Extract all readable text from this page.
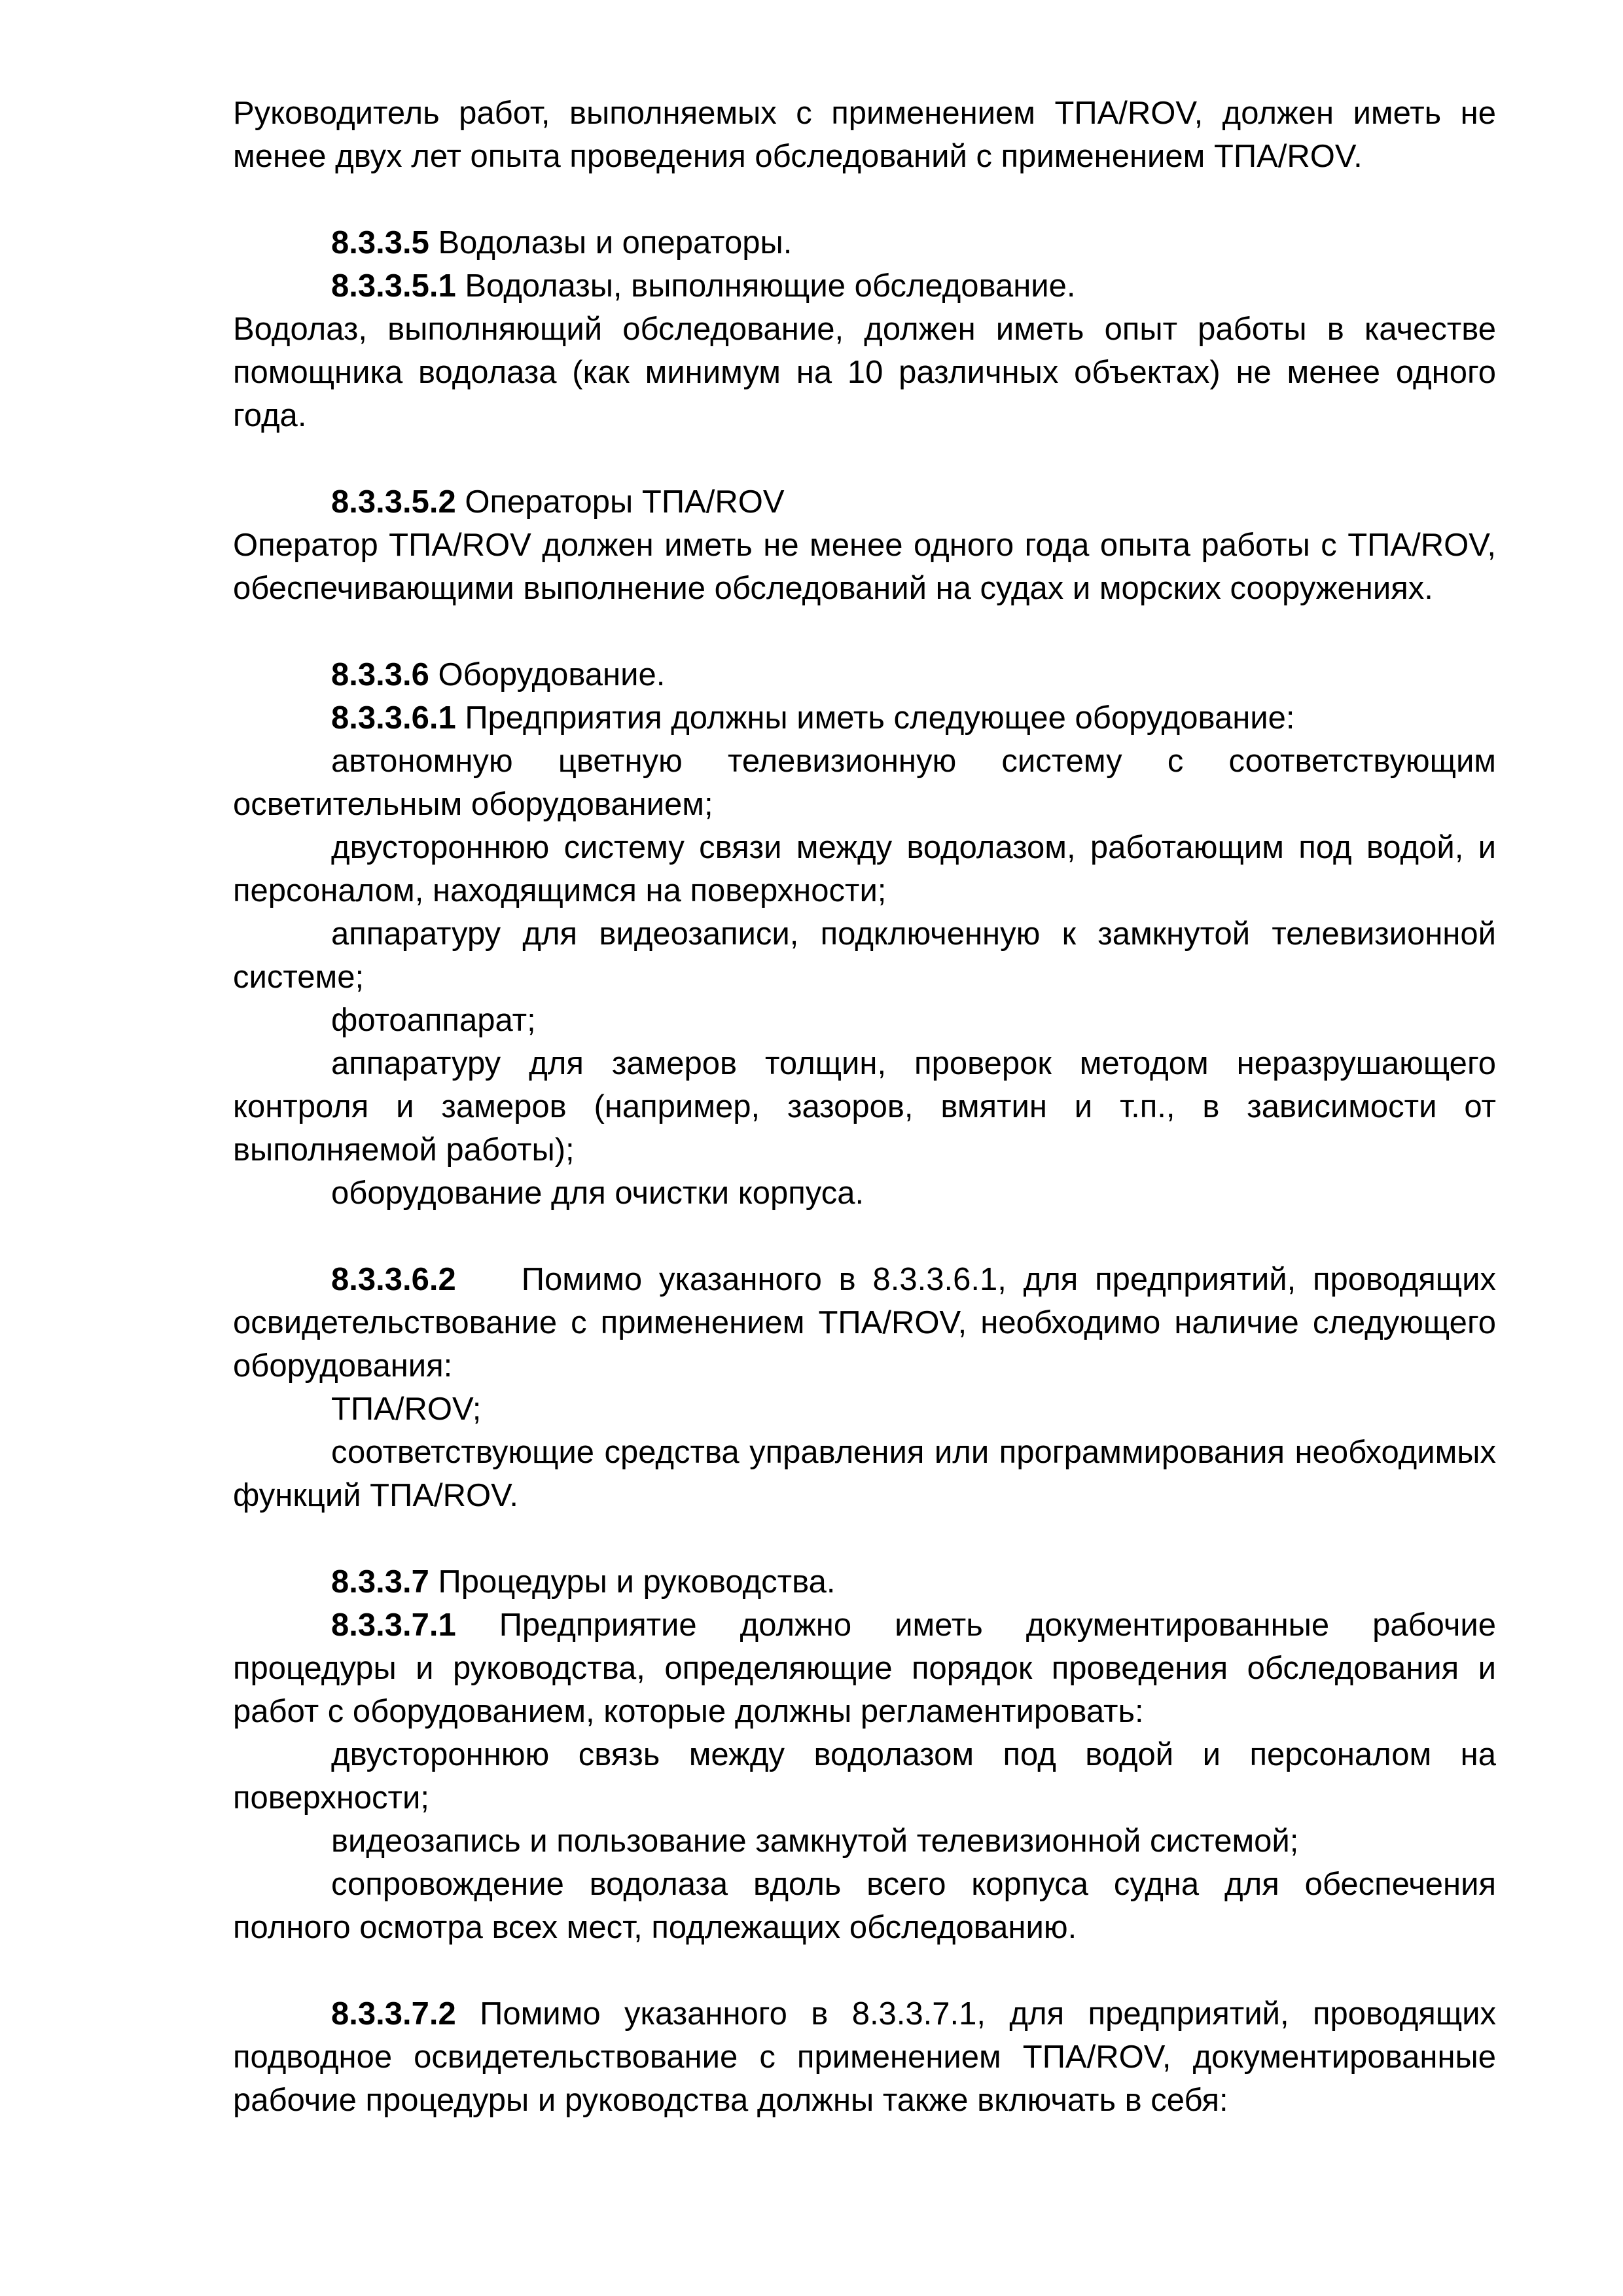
Руководитель работ, выполняемых с применением ТПА/ROV, должен иметь не менее двух лет опыта проведения обследований с применением ТПА/ROV.

8.3.3.5 Водолазы и операторы.

8.3.3.5.1 Водолазы, выполняющие обследование.

Водолаз, выполняющий обследование, должен иметь опыт работы в качестве помощника водолаза (как минимум на 10 различных объектах) не менее одного года.

8.3.3.5.2 Операторы ТПА/ROV

Оператор ТПА/ROV должен иметь не менее одного года опыта работы с ТПА/ROV, обеспечивающими выполнение обследований на судах и морских сооружениях.

8.3.3.6 Оборудование.

8.3.3.6.1 Предприятия должны иметь следующее оборудование:

автономную цветную телевизионную систему с соответствующим осветительным оборудованием;

двустороннюю систему связи между водолазом, работающим под водой, и персоналом, находящимся на поверхности;

аппаратуру для видеозаписи, подключенную к замкнутой телевизионной системе;

фотоаппарат;

аппаратуру для замеров толщин, проверок методом неразрушающего контроля и замеров (например, зазоров, вмятин и т.п., в зависимости от выполняемой работы);

оборудование для очистки корпуса.

8.3.3.6.2 Помимо указанного в 8.3.3.6.1, для предприятий, проводящих освидетельствование с применением ТПА/ROV, необходимо наличие следующего оборудования:

ТПА/ROV;

соответствующие средства управления или программирования необходимых функций ТПА/ROV.

8.3.3.7 Процедуры и руководства.

8.3.3.7.1 Предприятие должно иметь документированные рабочие процедуры и руководства, определяющие порядок проведения обследования и работ с оборудованием, которые должны регламентировать:

двустороннюю связь между водолазом под водой и персоналом на поверхности;

видеозапись и пользование замкнутой телевизионной системой;

сопровождение водолаза вдоль всего корпуса судна для обеспечения полного осмотра всех мест, подлежащих обследованию.

8.3.3.7.2 Помимо указанного в 8.3.3.7.1, для предприятий, проводящих подводное освидетельствование с применением ТПА/ROV, документированные рабочие процедуры и руководства должны также включать в себя:
